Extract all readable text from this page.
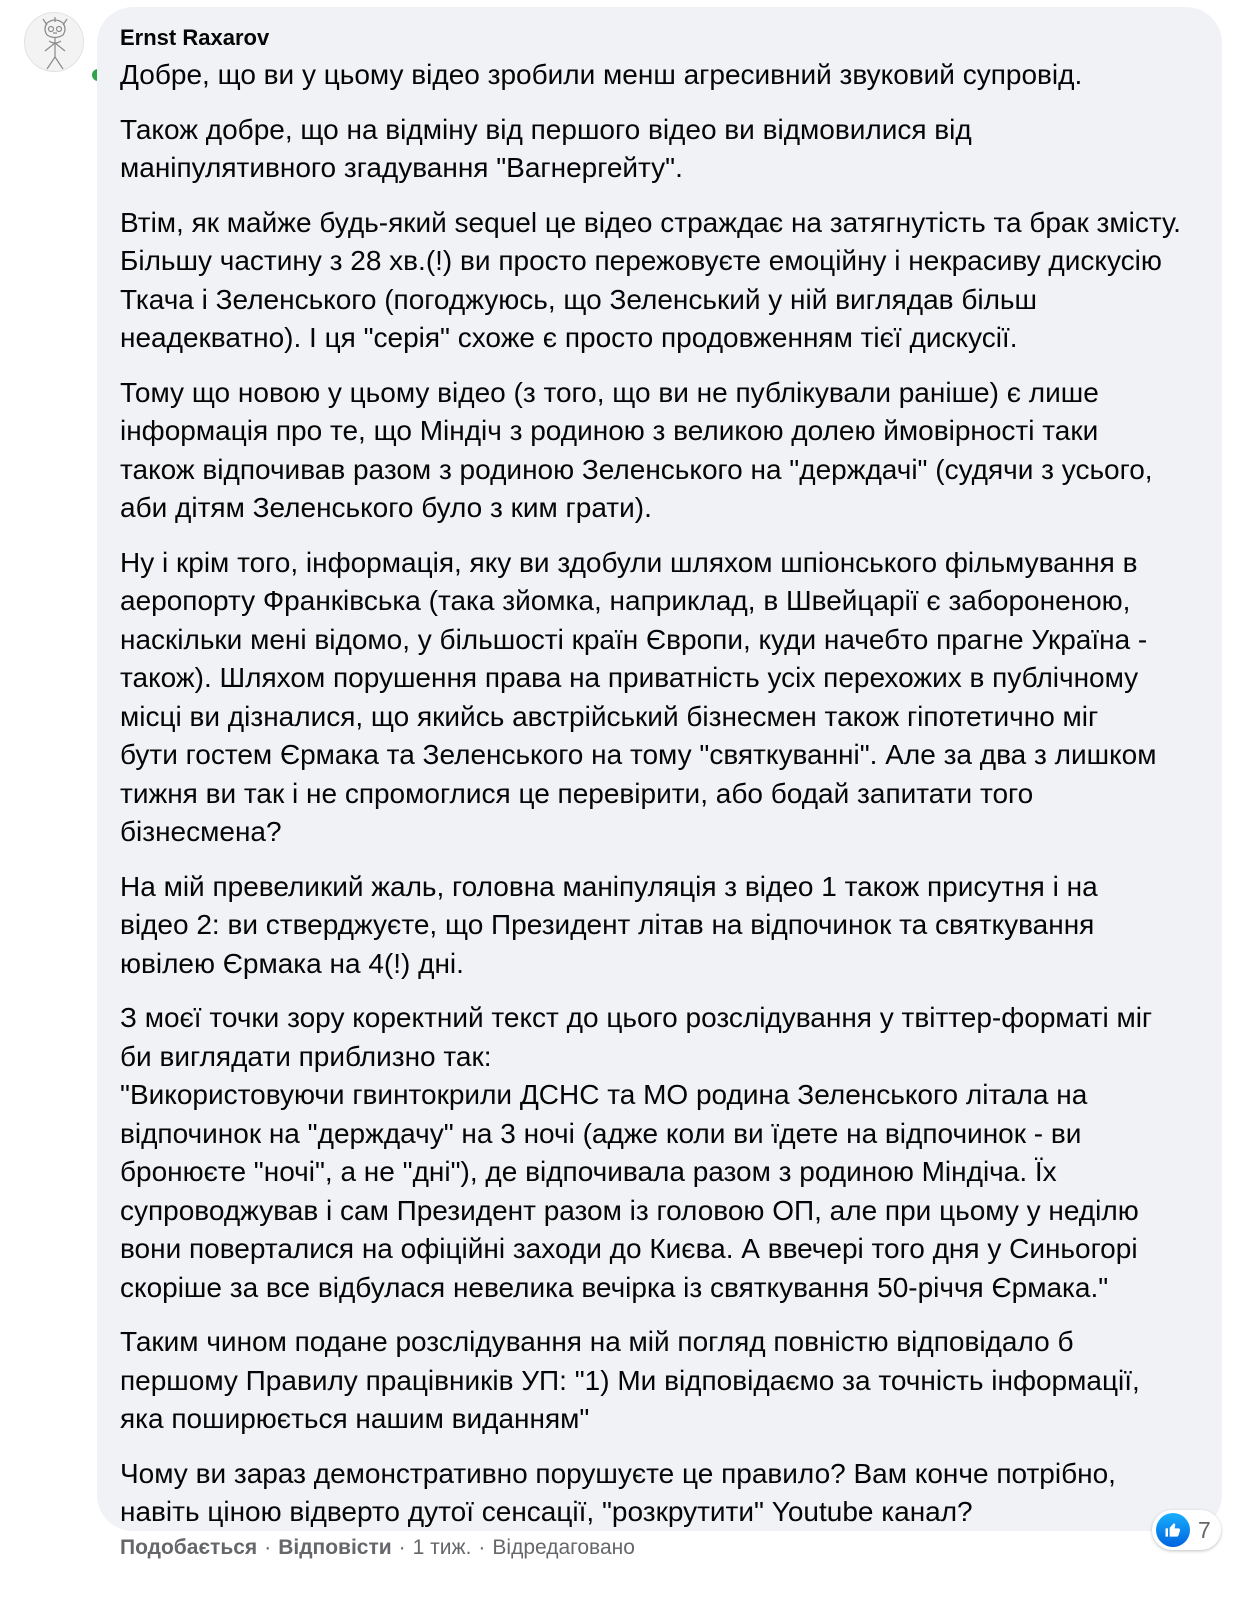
Ernst Raxarov

Добре, що ви у цьому відео зробили менш агресивний звуковий супровід.

Також добре, що на відміну від першого відео ви відмовилися від
маніпулятивного згадування "Вагнергейту".

Втім, як майже будь-який sequel це відео страждає на затягнутість та брак змісту.
Більшу частину з 28 хв.(!) ви просто пережовуєте емоційну і некрасиву дискусію
Ткача і Зеленського (погоджуюсь, що Зеленський у ній виглядав більш
неадекватно). І ця "серія" схоже є просто продовженням тієї дискусії.

Тому що новою у цьому відео (з того, що ви не публікували раніше) є лише
інформація про те, що Міндіч з родиною з великою долею ймовірності таки
також відпочивав разом з родиною Зеленського на "держдачі" (судячи з усього,
аби дітям Зеленського було з ким грати).

Ну і крім того, інформація, яку ви здобули шляхом шпіонського фільмування в
аеропорту Франківська (така зйомка, наприклад, в Швейцарії є забороненою,
наскільки мені відомо, у більшості країн Європи, куди начебто прагне Україна -
також). Шляхом порушення права на приватність усіх перехожих в публічному
місці ви дізналися, що якийсь австрійський бізнесмен також гіпотетично міг
бути гостем Єрмака та Зеленського на тому "святкуванні". Але за два з лишком
тижня ви так і не спромоглися це перевірити, або бодай запитати того
бізнесмена?

На мій превеликий жаль, головна маніпуляція з відео 1 також присутня і на
відео 2: ви стверджуєте, що Президент літав на відпочинок та святкування
ювілею Єрмака на 4(!) дні.

З моєї точки зору коректний текст до цього розслідування у твіттер-форматі міг
би виглядати приблизно так:
"Використовуючи гвинтокрили ДСНС та МО родина Зеленського літала на
відпочинок на "держдачу" на 3 ночі (адже коли ви їдете на відпочинок - ви
бронюєте "ночі", а не "дні"), де відпочивала разом з родиною Міндіча. Їх
супроводжував і сам Президент разом із головою ОП, але при цьому у неділю
вони поверталися на офіційні заходи до Києва. А ввечері того дня у Синьогорі
скоріше за все відбулася невелика вечірка із святкування 50-річчя Єрмака."

Таким чином подане розслідування на мій погляд повністю відповідало б
першому Правилу працівників УП: "1) Ми відповідаємо за точність інформації,
яка поширюється нашим виданням"

Чому ви зараз демонстративно порушуєте це правило? Вам конче потрібно,
навіть ціною відверто дутої сенсації, "розкрутити" Youtube канал?

7
Подобається · Відповісти · 1 тиж. · Відредаговано
